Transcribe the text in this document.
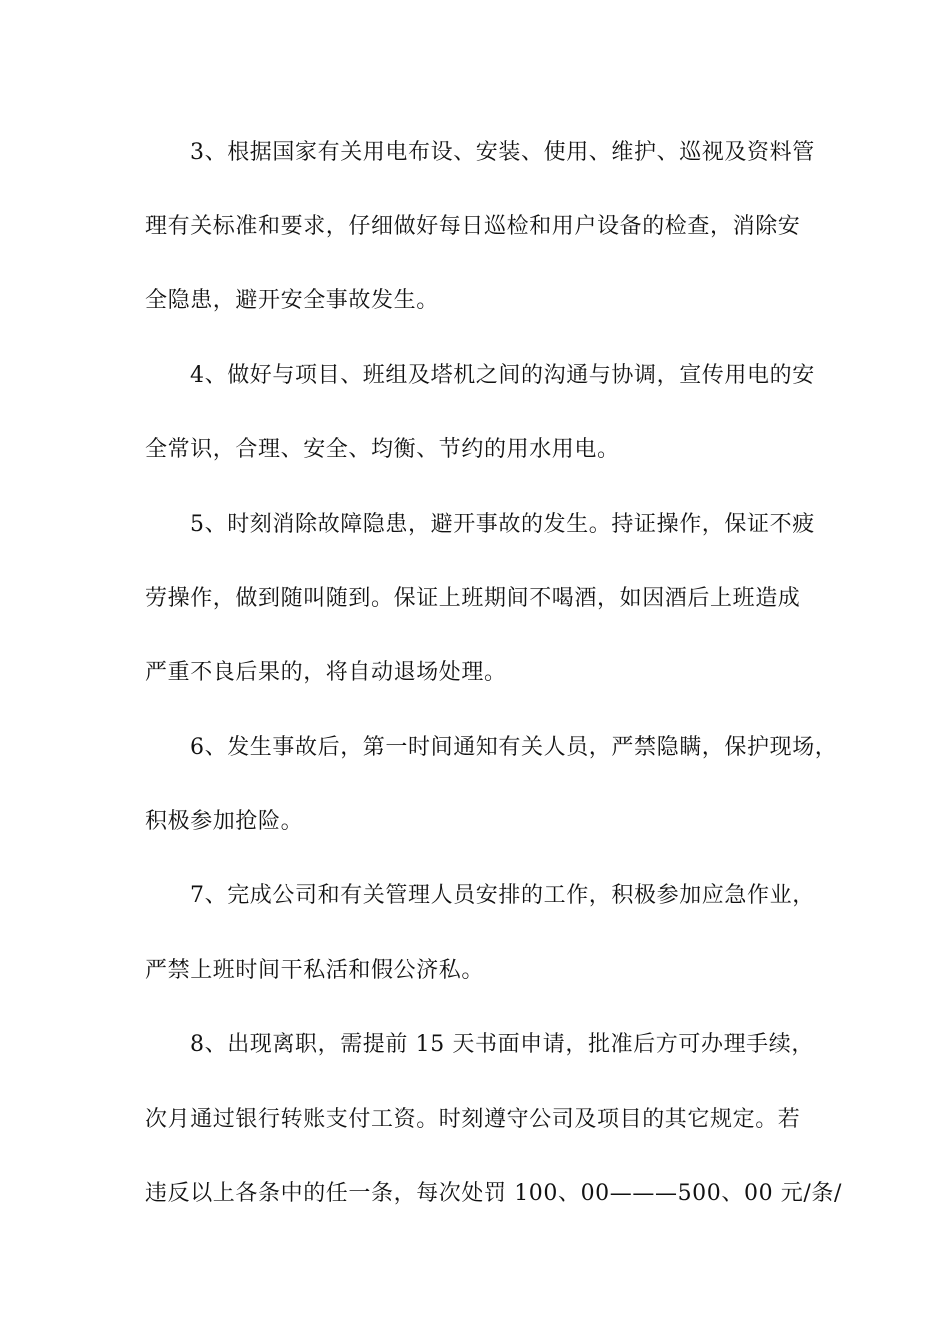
3、根据国家有关用电布设、安装、使用、维护、巡视及资料管
理有关标准和要求，仔细做好每日巡检和用户设备的检查，消除安
全隐患，避开安全事故发生。
4、做好与项目、班组及塔机之间的沟通与协调，宣传用电的安
全常识，合理、安全、均衡、节约的用水用电。
5、时刻消除故障隐患，避开事故的发生。持证操作，保证不疲
劳操作，做到随叫随到。保证上班期间不喝酒，如因酒后上班造成
严重不良后果的，将自动退场处理。
6、发生事故后，第一时间通知有关人员，严禁隐瞒，保护现场，
积极参加抢险。
7、完成公司和有关管理人员安排的工作，积极参加应急作业，
严禁上班时间干私活和假公济私。
8、出现离职，需提前 15 天书面申请，批准后方可办理手续，
次月通过银行转账支付工资。时刻遵守公司及项目的其它规定。若
违反以上各条中的任一条，每次处罚 100、00———500、00 元/条/
